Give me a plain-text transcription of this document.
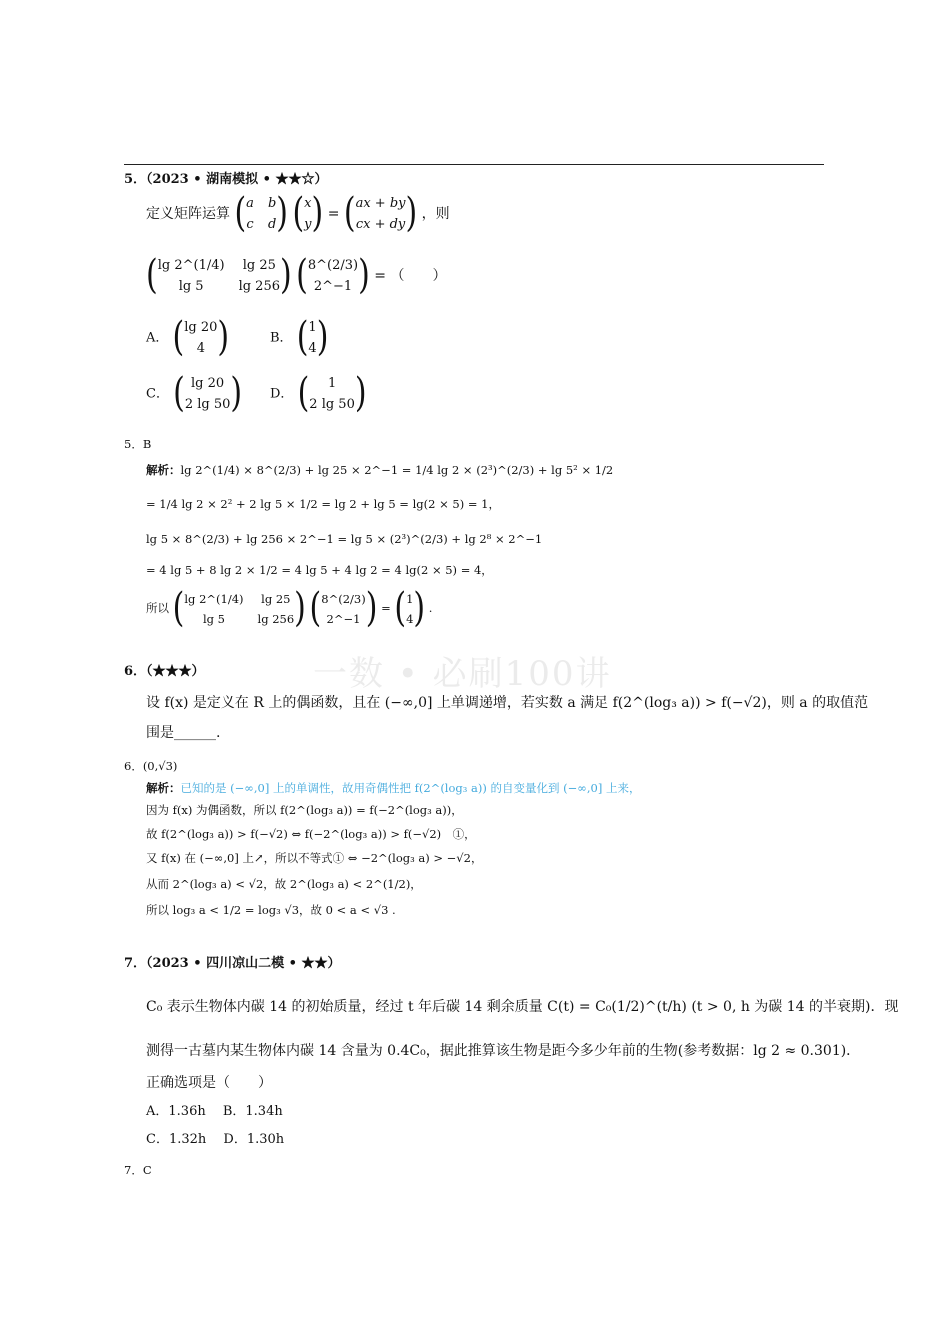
一数 • 必刷100讲
5．（2023 • 湖南模拟 • ★★☆）
定义矩阵运算 ( a b
c d )
( x
y ) = ( ax + by
cx + dy ) ，则
( lg 2^(1/4)	lg 25
lg 5	lg 256 )
( 8^(2/3)
2^−1 ) = （　　）
A． ( lg 20
4 )	B． ( 1
4 )
C． ( lg 20
2 lg 50 ) D． (	1
2 lg 50 )
5．B
解析：lg 2^(1/4) × 8^(2/3) + lg 25 × 2^−1 = 1/4 lg 2 × (2³)^(2/3) + lg 5² × 1/2
= 1/4 lg 2 × 2² + 2 lg 5 × 1/2 = lg 2 + lg 5 = lg(2 × 5) = 1，
lg 5 × 8^(2/3) + lg 256 × 2^−1 = lg 5 × (2³)^(2/3) + lg 2⁸ × 2^−1
= 4 lg 5 + 8 lg 2 × 1/2 = 4 lg 5 + 4 lg 2 = 4 lg(2 × 5) = 4，
所以 ( lg 2^(1/4)	lg 25
lg 5	lg 256 )
( 8^(2/3)
2^−1 ) = ( 1
4 ) .
6．（★★★）
设 f(x) 是定义在 R 上的偶函数，且在 (−∞,0] 上单调递增，若实数 a 满足 f(2^(log₃ a)) > f(−√2)，则 a 的取值范
围是______.
6．(0,√3)
解析：已知的是 (−∞,0] 上的单调性，故用奇偶性把 f(2^(log₃ a)) 的自变量化到 (−∞,0] 上来，
因为 f(x) 为偶函数，所以 f(2^(log₃ a)) = f(−2^(log₃ a))，
故 f(2^(log₃ a)) > f(−√2) ⇔ f(−2^(log₃ a)) > f(−√2)　①，
又 f(x) 在 (−∞,0] 上↗，所以不等式① ⇔ −2^(log₃ a) > −√2，
从而 2^(log₃ a) < √2，故 2^(log₃ a) < 2^(1/2)，
所以 log₃ a < 1/2 = log₃ √3，故 0 < a < √3 .
7．（2023 • 四川凉山二模 • ★★）
C₀ 表示生物体内碳 14 的初始质量，经过 t 年后碳 14 剩余质量 C(t) = C₀(1/2)^(t/h) (t > 0, h 为碳 14 的半衰期)．现
测得一古墓内某生物体内碳 14 含量为 0.4C₀，据此推算该生物是距今多少年前的生物(参考数据：lg 2 ≈ 0.301)．
正确选项是（　　）
A．1.36h　 B．1.34h
C．1.32h　 D．1.30h
7．C
